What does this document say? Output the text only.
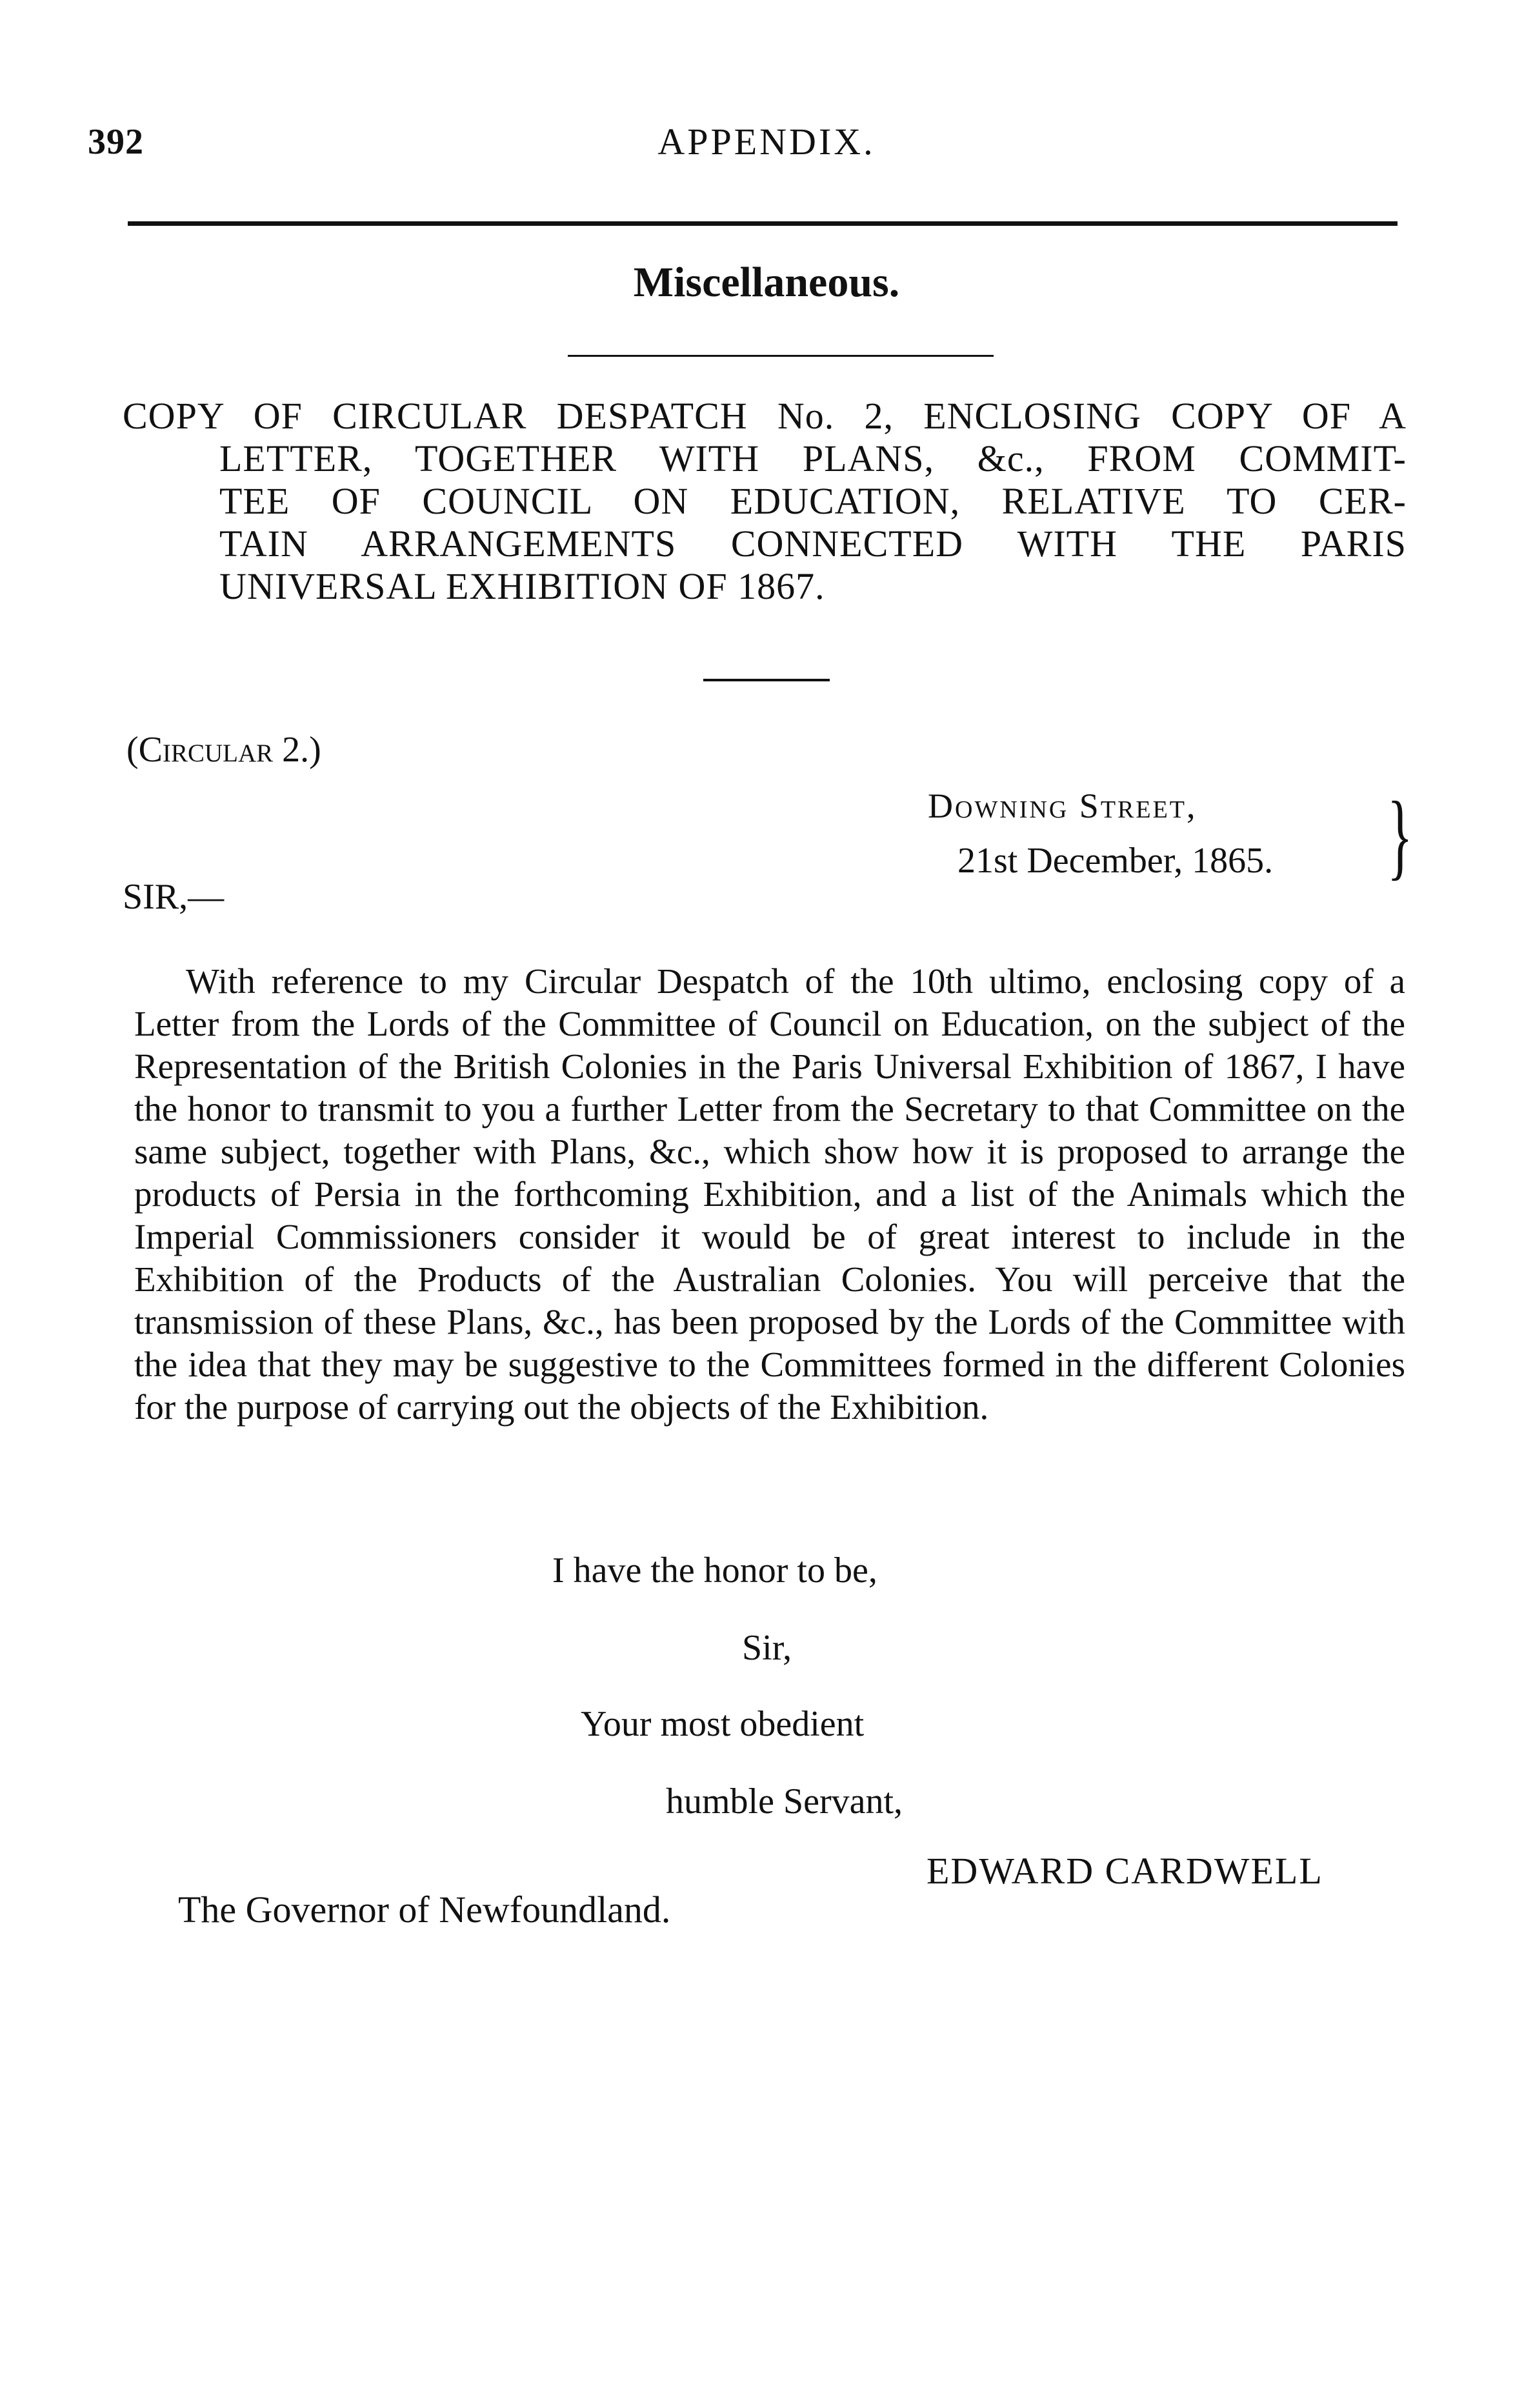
392	APPENDIX.
Miscellaneous.
COPY OF CIRCULAR DESPATCH No. 2, ENCLOSING COPY OF A
LETTER, TOGETHER WITH PLANS, &c., FROM COMMIT-
TEE OF COUNCIL ON EDUCATION, RELATIVE TO CER-
TAIN ARRANGEMENTS CONNECTED WITH THE PARIS
UNIVERSAL EXHIBITION OF 1867.
(Circular 2.)
Downing Street,
21st December, 1865. }
SIR,—

With reference to my Circular Despatch of the 10th ultimo, enclosing copy of a Letter from the Lords of the Committee of Council on Education, on the subject of the Representation of the British Colonies in the Paris Universal Exhibition of 1867, I have the honor to transmit to you a further Letter from the Secretary to that Committee on the same subject, together with Plans, &c., which show how it is proposed to arrange the products of Persia in the forthcoming Exhibition, and a list of the Animals which the Imperial Commissioners consider it would be of great interest to include in the Exhibition of the Products of the Australian Colonies. You will perceive that the transmission of these Plans, &c., has been proposed by the Lords of the Committee with the idea that they may be suggestive to the Committees formed in the different Colonies for the purpose of carrying out the objects of the Exhibition.

I have the honor to be,
Sir,
Your most obedient
humble Servant,
EDWARD CARDWELL
The Governor of Newfoundland.
